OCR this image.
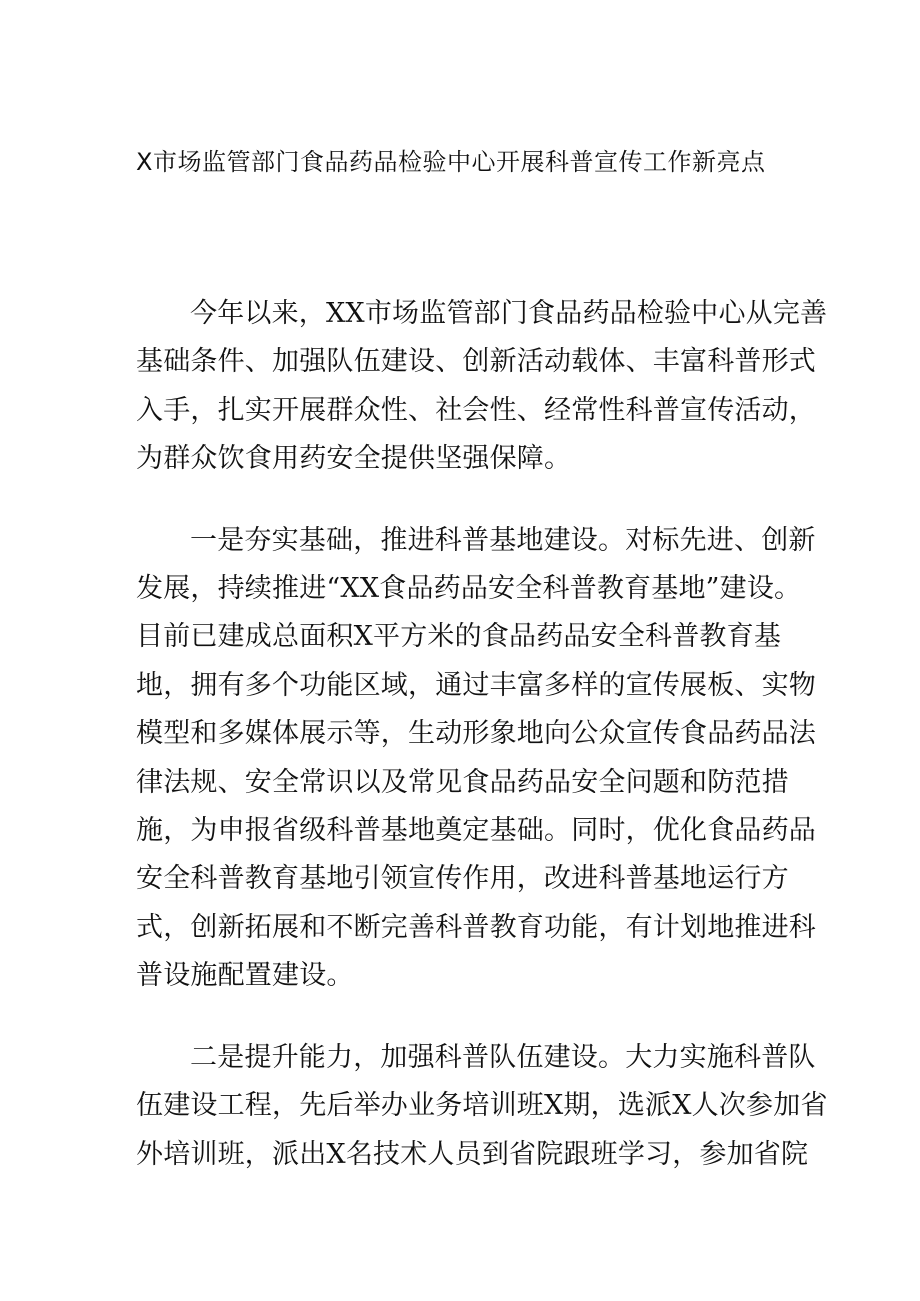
X市场监管部门食品药品检验中心开展科普宣传工作新亮点

今年以来，XX市场监管部门食品药品检验中心从完善
基础条件、加强队伍建设、创新活动载体、丰富科普形式
入手，扎实开展群众性、社会性、经常性科普宣传活动，
为群众饮食用药安全提供坚强保障。

一是夯实基础，推进科普基地建设。对标先进、创新
发展，持续推进“XX食品药品安全科普教育基地”建设。
目前已建成总面积X平方米的食品药品安全科普教育基
地，拥有多个功能区域，通过丰富多样的宣传展板、实物
模型和多媒体展示等，生动形象地向公众宣传食品药品法
律法规、安全常识以及常见食品药品安全问题和防范措
施，为申报省级科普基地奠定基础。同时，优化食品药品
安全科普教育基地引领宣传作用，改进科普基地运行方
式，创新拓展和不断完善科普教育功能，有计划地推进科
普设施配置建设。

二是提升能力，加强科普队伍建设。大力实施科普队
伍建设工程，先后举办业务培训班X期，选派X人次参加省
外培训班，派出X名技术人员到省院跟班学习，参加省院
